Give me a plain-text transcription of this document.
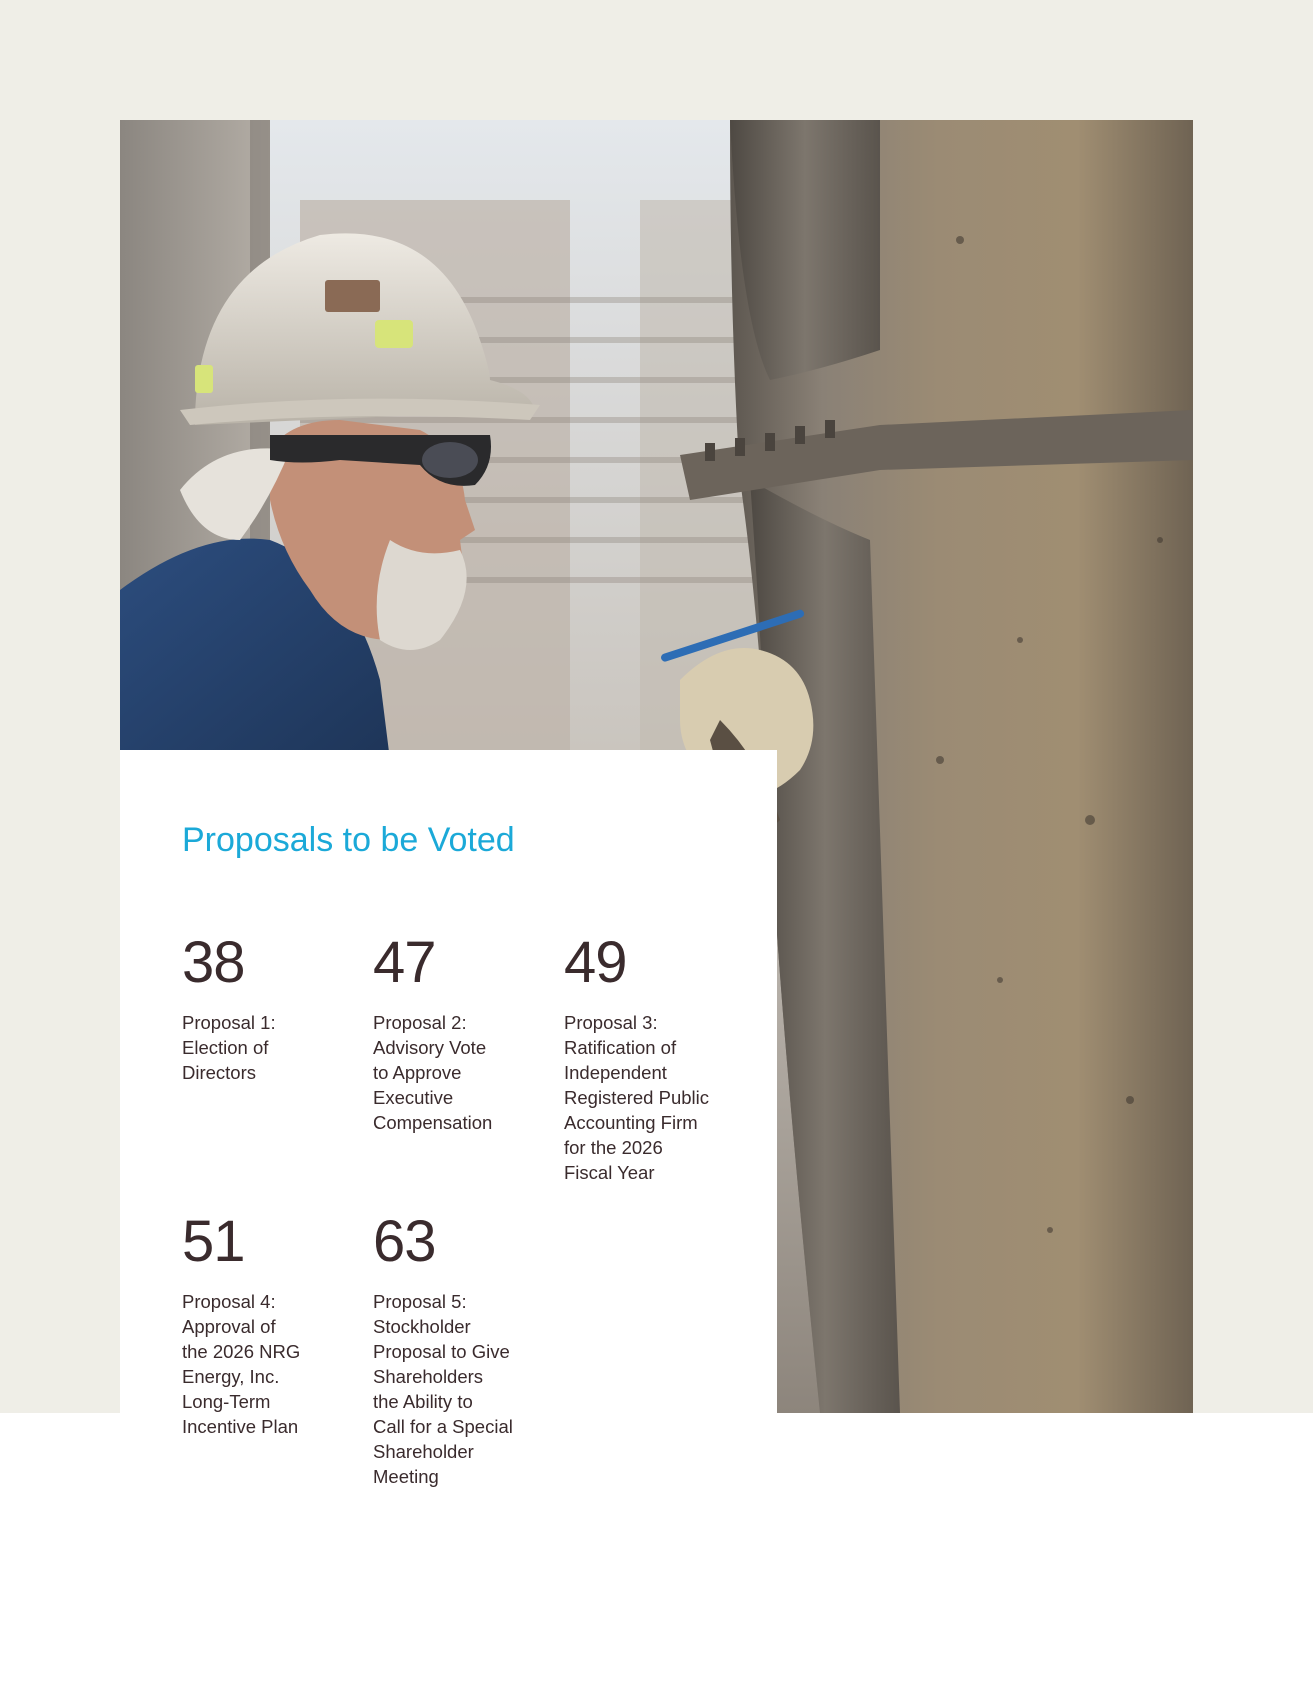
Proposals to be Voted
38
Proposal 1:
Election of
Directors
47
Proposal 2:
Advisory Vote
to Approve
Executive
Compensation
49
Proposal 3:
Ratification of
Independent
Registered Public
Accounting Firm
for the 2026
Fiscal Year
51
Proposal 4:
Approval of
the 2026 NRG
Energy, Inc.
Long-Term
Incentive Plan
63
Proposal 5:
Stockholder
Proposal to Give
Shareholders
the Ability to
Call for a Special
Shareholder
Meeting
